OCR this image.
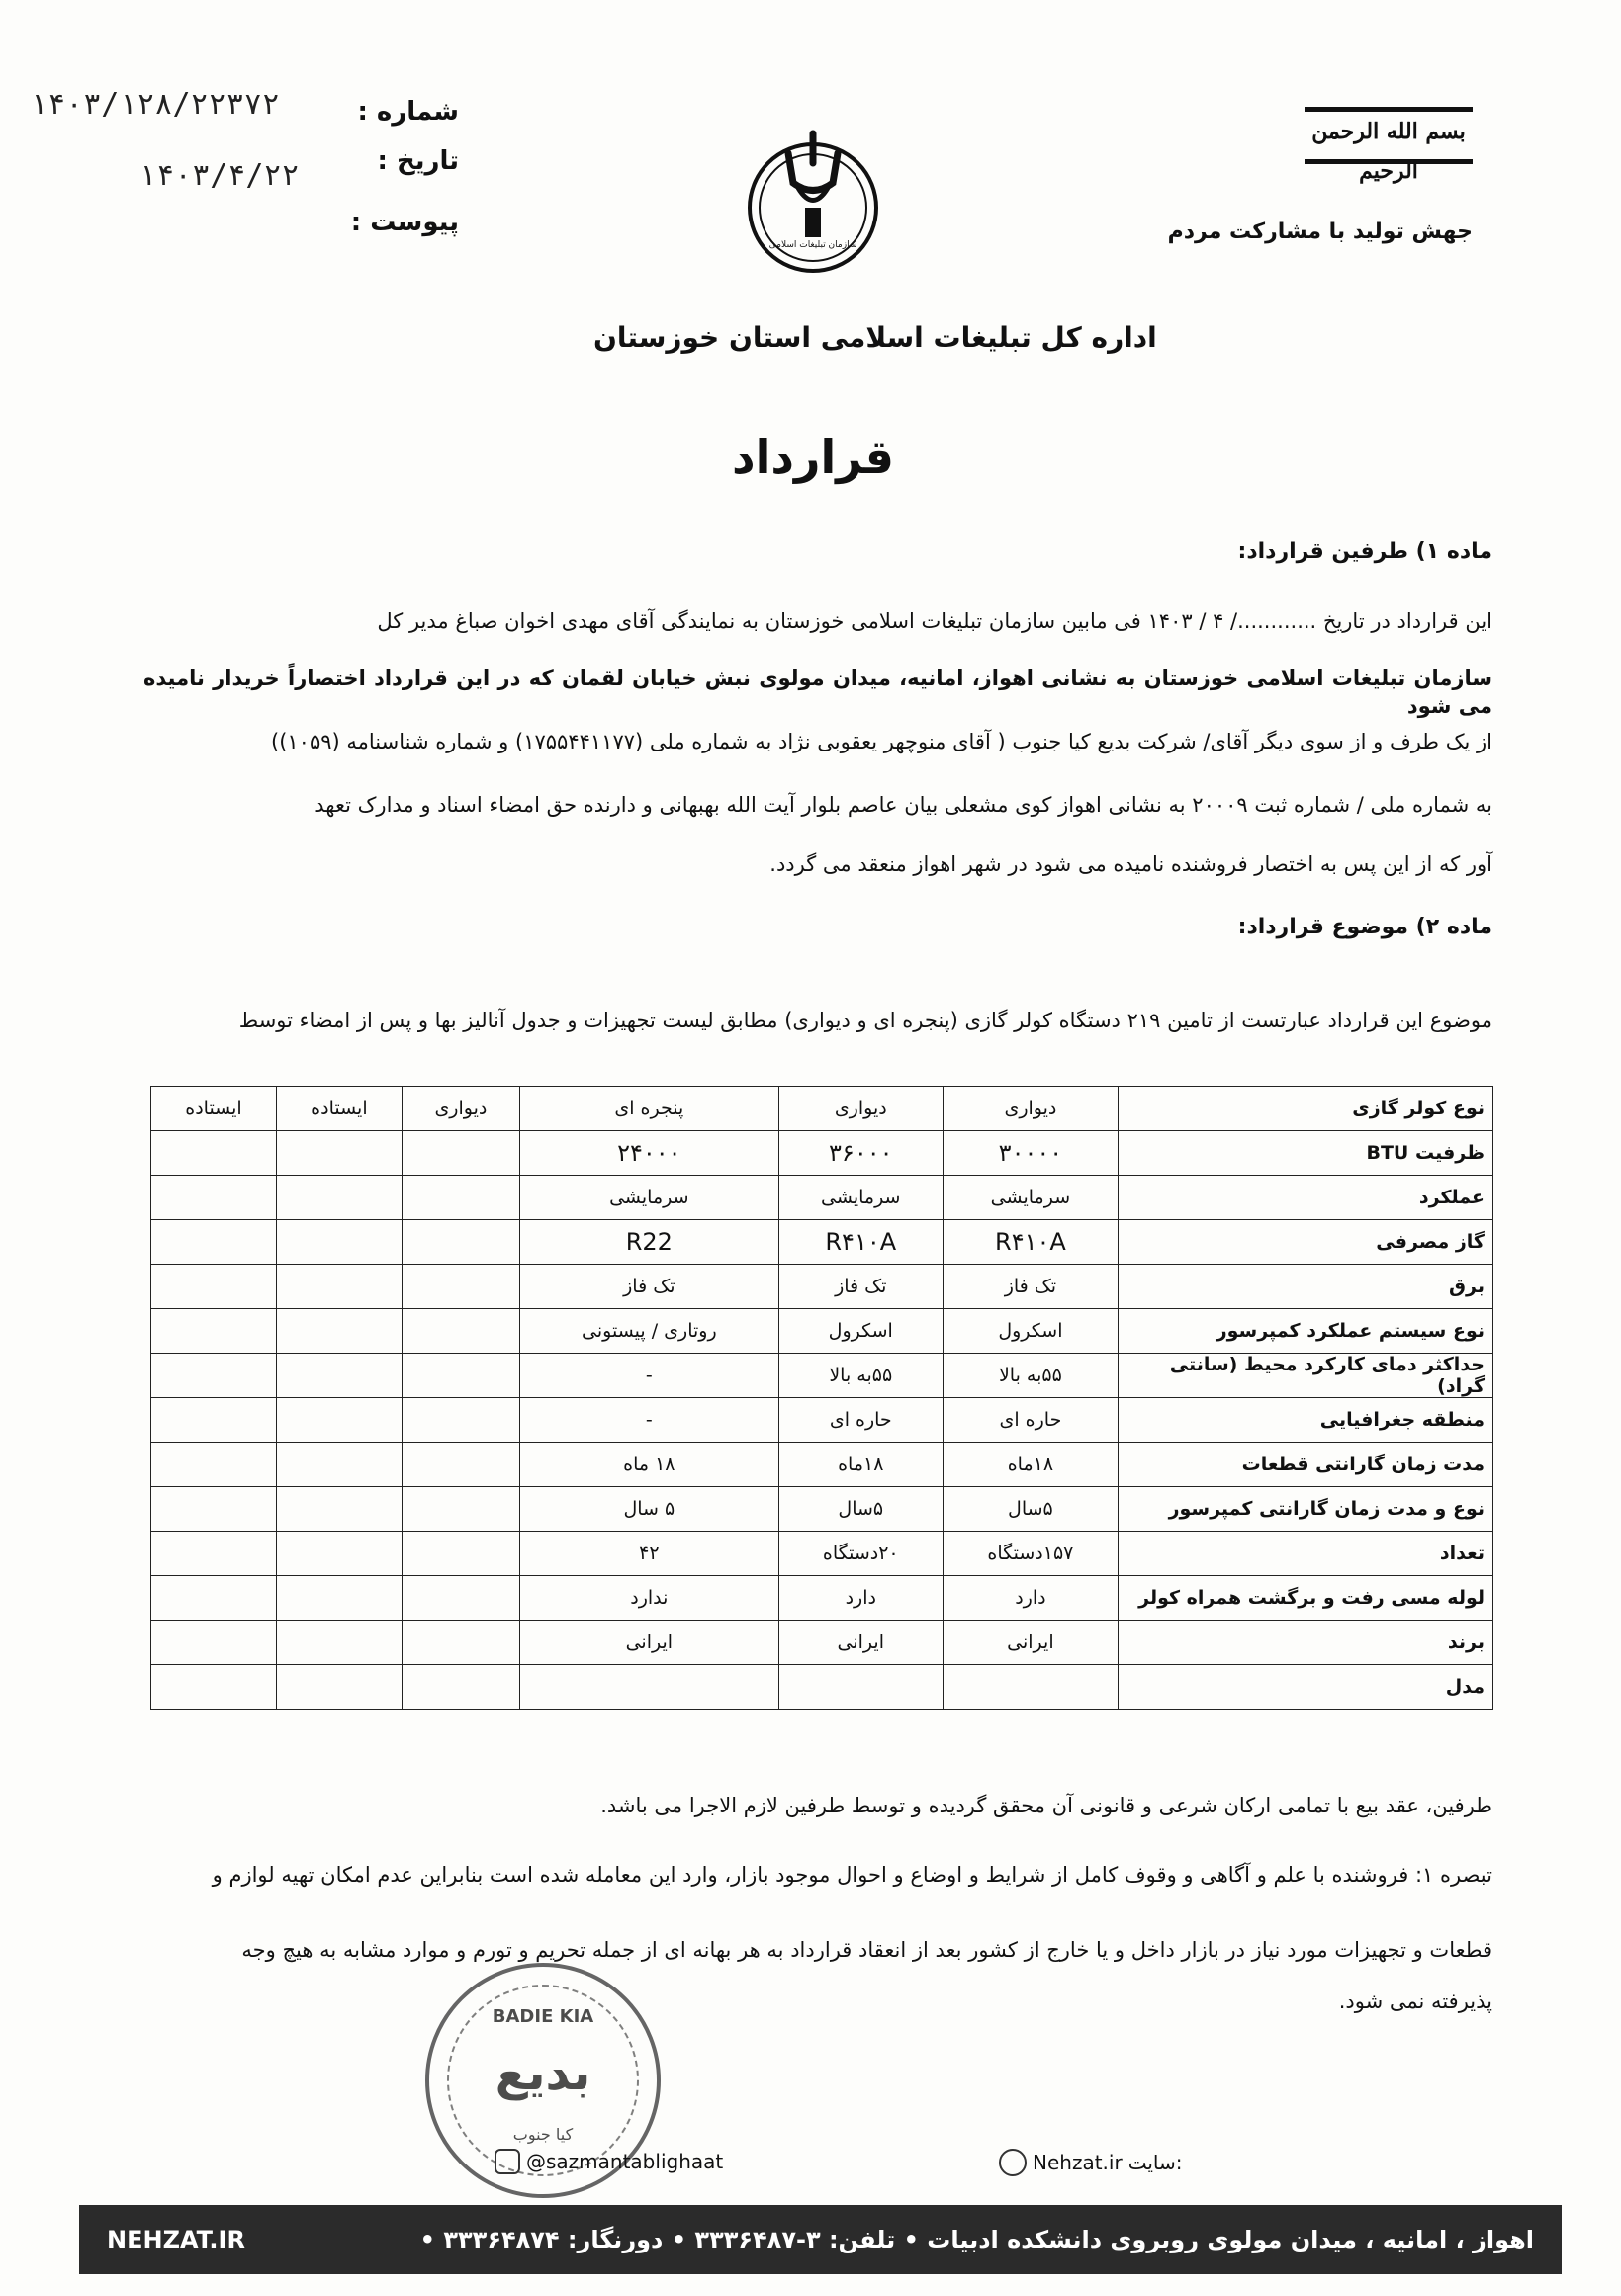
شماره :
١۴٠٣/١٢٨/٢٢٣٧٢
تاریخ :
١۴٠٣/۴/٢٢
پیوست :
بسم الله الرحمن الرحیم
جهش تولید با مشارکت مردم
سازمان تبلیغات اسلامی
اداره کل تبلیغات اسلامی استان خوزستان
قرارداد
ماده ۱) طرفین قرارداد:
این قرارداد در تاریخ ............/ ۴ / ۱۴۰۳ فی مابین سازمان تبلیغات اسلامی خوزستان به نمایندگی آقای مهدی اخوان صباغ مدیر کل
سازمان تبلیغات اسلامی خوزستان به نشانی اهواز، امانیه، میدان مولوی نبش خیابان لقمان که در این قرارداد اختصاراً خریدار نامیده می شود
از یک طرف و از سوی دیگر آقای/ شرکت بدیع کیا جنوب ( آقای منوچهر یعقوبی نژاد به شماره ملی (۱۷۵۵۴۴۱۱۷۷) و شماره شناسنامه (۱۰۵۹))
به شماره ملی / شماره ثبت ۲۰۰۰۹ به نشانی اهواز کوی مشعلی بیان عاصم بلوار آیت الله بهبهانی و دارنده حق امضاء اسناد و مدارک تعهد
آور که از این پس به اختصار فروشنده نامیده می شود در شهر اهواز منعقد می گردد.
ماده ۲) موضوع قرارداد:
موضوع این قرارداد عبارتست از تامین ۲۱۹ دستگاه کولر گازی (پنجره ای و دیواری) مطابق لیست تجهیزات و جدول آنالیز بها و پس از امضاء توسط
نوع کولر گازی	دیواری	دیواری	پنجره ای	دیواری	ایستاده	ایستاده
ظرفیت BTU	۳۰۰۰۰	۳۶۰۰۰	۲۴۰۰۰			
عملکرد	سرمایشی	سرمایشی	سرمایشی			
گاز مصرفی	R۴۱۰A	R۴۱۰A	R22			
برق	تک فاز	تک فاز	تک فاز			
نوع سیستم عملکرد کمپرسور	اسکرول	اسکرول	روتاری / پیستونی			
حداکثر دمای کارکرد محیط (سانتی گراد)	۵۵به بالا	۵۵به بالا	-			
منطقه جغرافیایی	حاره ای	حاره ای	-			
مدت زمان گارانتی قطعات	۱۸ماه	۱۸ماه	۱۸ ماه			
نوع و مدت زمان گارانتی کمپرسور	۵سال	۵سال	۵ سال			
تعداد	۱۵۷دستگاه	۲۰دستگاه	۴۲			
لوله مسی رفت و برگشت همراه کولر	دارد	دارد	ندارد			
برند	ایرانی	ایرانی	ایرانی			
مدل						
طرفین، عقد بیع با تمامی ارکان شرعی و قانونی آن محقق گردیده و توسط طرفین لازم الاجرا می باشد.
تبصره ۱: فروشنده با علم و آگاهی و وقوف کامل از شرایط و اوضاع و احوال موجود بازار، وارد این معامله شده است بنابراین عدم امکان تهیه لوازم و
قطعات و تجهیزات مورد نیاز در بازار داخل و یا خارج از کشور بعد از انعقاد قرارداد به هر بهانه ای از جمله تحریم و تورم و موارد مشابه به هیچ وجه
پذیرفته نمی شود.
BADIE KIA
بدیع
کیا جنوب
@sazmantablighaat	Nehzat.ir سایت:
اهواز ، امانیه ، میدان مولوی روبروی دانشکده ادبیات • تلفن: ۳-۳۳۳۶۴۸۷ • دورنگار: ۳۳۳۶۴۸۷۴ •
NEHZAT.IR
